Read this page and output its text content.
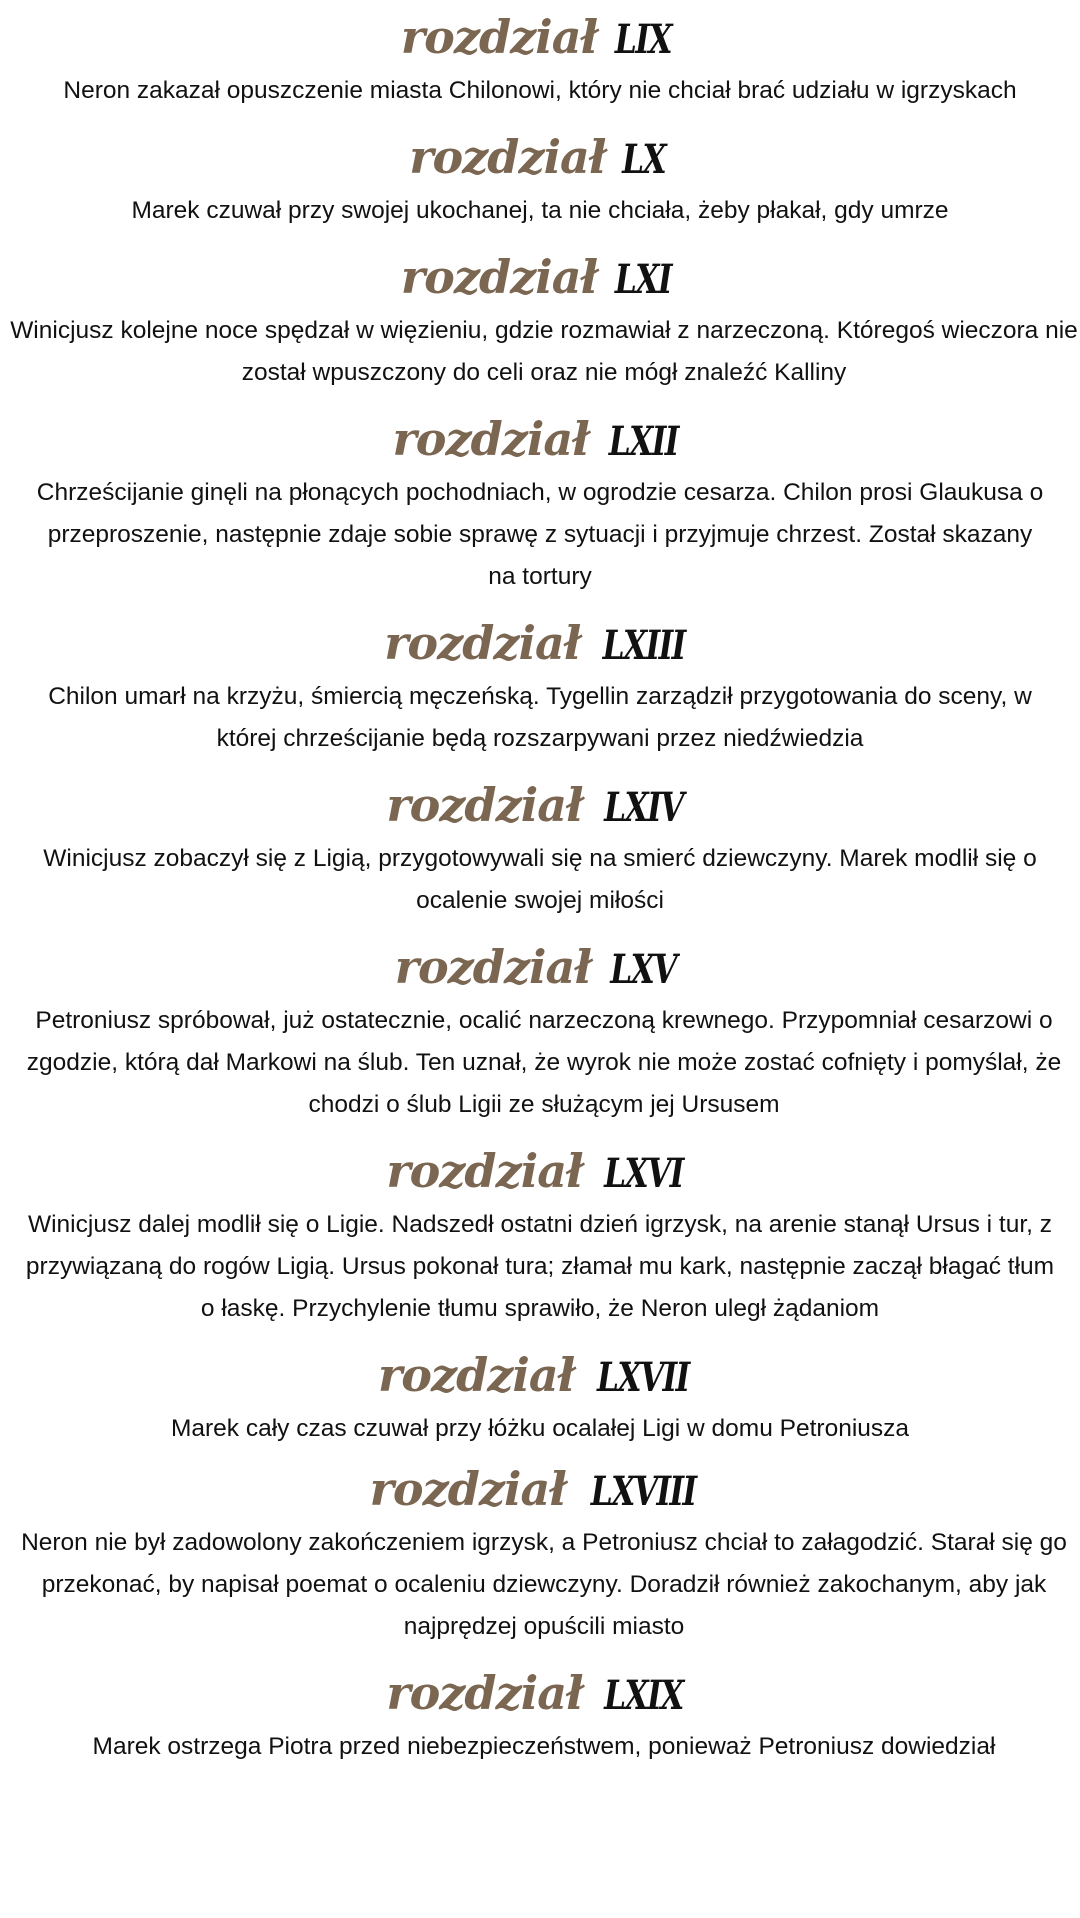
rozdział LIX

Neron zakazał opuszczenie miasta Chilonowi, który nie chciał brać udziału w igrzyskach

rozdział LX

Marek czuwał przy swojej ukochanej, ta nie chciała, żeby płakał, gdy umrze

rozdział LXI

Winicjusz kolejne noce spędzał w więzieniu, gdzie rozmawiał z narzeczoną. Któregoś wieczora nie został wpuszczony do celi oraz nie mógł znaleźć Kalliny

rozdział LXII

Chrześcijanie ginęli na płonących pochodniach, w ogrodzie cesarza. Chilon prosi Glaukusa o przeproszenie, następnie zdaje sobie sprawę z sytuacji i przyjmuje chrzest. Został skazany na tortury

rozdział LXIII

Chilon umarł na krzyżu, śmiercią męczeńską. Tygellin zarządził przygotowania do sceny, w której chrześcijanie będą rozszarpywani przez niedźwiedzia

rozdział LXIV

Winicjusz zobaczył się z Ligią, przygotowywali się na smierć dziewczyny. Marek modlił się o ocalenie swojej miłości

rozdział LXV

Petroniusz spróbował, już ostatecznie, ocalić narzeczoną krewnego. Przypomniał cesarzowi o zgodzie, którą dał Markowi na ślub. Ten uznał, że wyrok nie może zostać cofnięty i pomyślał, że chodzi o ślub Ligii ze służącym jej Ursusem

rozdział LXVI

Winicjusz dalej modlił się o Ligie. Nadszedł ostatni dzień igrzysk, na arenie stanął Ursus i tur, z przywiązaną do rogów Ligią. Ursus pokonał tura; złamał mu kark, następnie zaczął błagać tłum o łaskę. Przychylenie tłumu sprawiło, że Neron uległ żądaniom

rozdział LXVII

Marek cały czas czuwał przy łóżku ocalałej Ligi w domu Petroniusza

rozdział LXVIII

Neron nie był zadowolony zakończeniem igrzysk, a Petroniusz chciał to załagodzić. Starał się go przekonać, by napisał poemat o ocaleniu dziewczyny. Doradził również zakochanym, aby jak najprędzej opuścili miasto

rozdział LXIX

Marek ostrzega Piotra przed niebezpieczeństwem, ponieważ Petroniusz dowiedział
